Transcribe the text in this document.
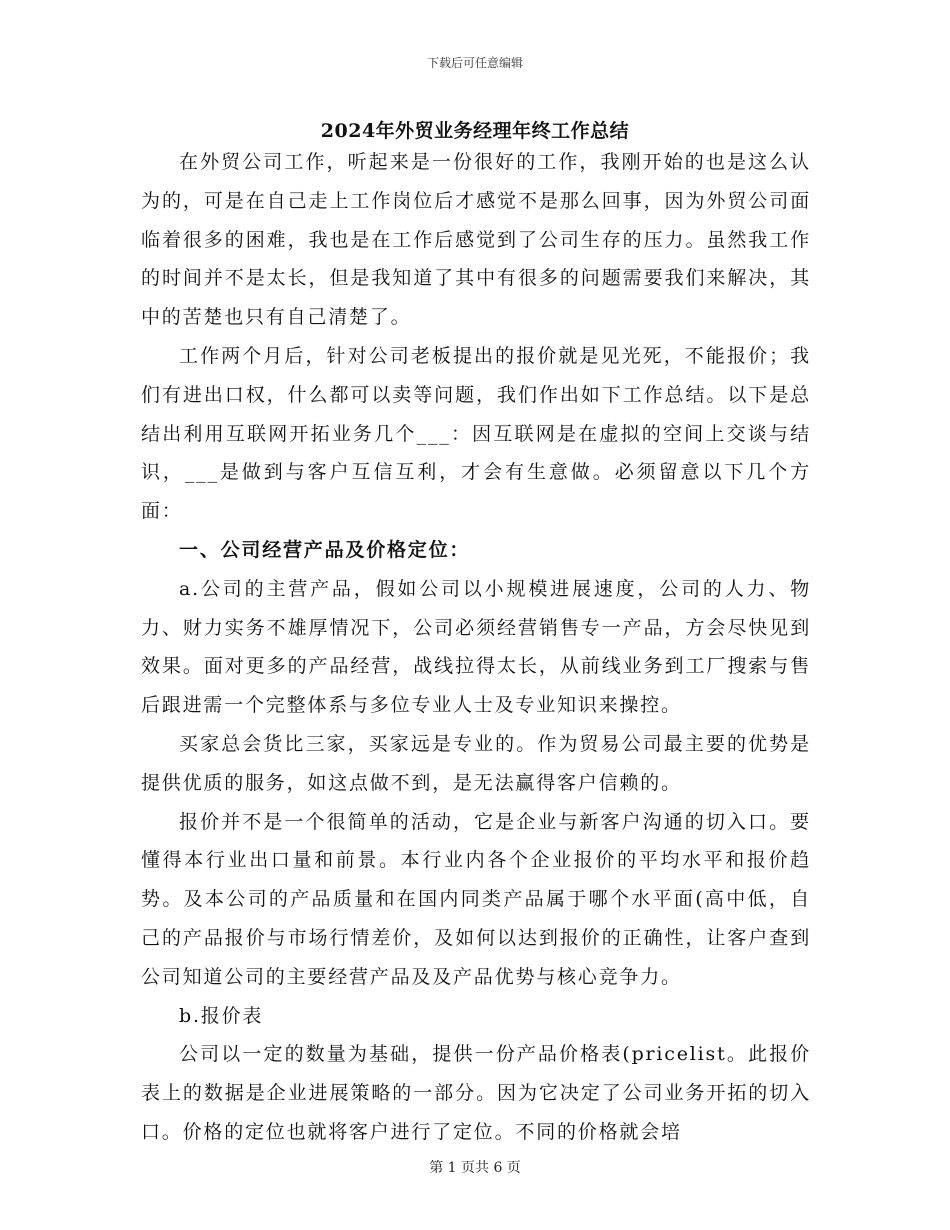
下载后可任意编辑
2024年外贸业务经理年终工作总结

在外贸公司工作，听起来是一份很好的工作，我刚开始的也是这么认为的，可是在自己走上工作岗位后才感觉不是那么回事，因为外贸公司面临着很多的困难，我也是在工作后感觉到了公司生存的压力。虽然我工作的时间并不是太长，但是我知道了其中有很多的问题需要我们来解决，其中的苦楚也只有自己清楚了。

工作两个月后，针对公司老板提出的报价就是见光死，不能报价；我们有进出口权，什么都可以卖等问题，我们作出如下工作总结。以下是总结出利用互联网开拓业务几个___：因互联网是在虚拟的空间上交谈与结识，___是做到与客户互信互利，才会有生意做。必须留意以下几个方面：

一、公司经营产品及价格定位：

a.公司的主营产品，假如公司以小规模进展速度，公司的人力、物力、财力实务不雄厚情况下，公司必须经营销售专一产品，方会尽快见到效果。面对更多的产品经营，战线拉得太长，从前线业务到工厂搜索与售后跟进需一个完整体系与多位专业人士及专业知识来操控。

买家总会货比三家，买家远是专业的。作为贸易公司最主要的优势是提供优质的服务，如这点做不到，是无法赢得客户信赖的。

报价并不是一个很简单的活动，它是企业与新客户沟通的切入口。要懂得本行业出口量和前景。本行业内各个企业报价的平均水平和报价趋势。及本公司的产品质量和在国内同类产品属于哪个水平面(高中低，自己的产品报价与市场行情差价，及如何以达到报价的正确性，让客户查到公司知道公司的主要经营产品及及产品优势与核心竞争力。

b.报价表

公司以一定的数量为基础，提供一份产品价格表(pricelist。此报价表上的数据是企业进展策略的一部分。因为它决定了公司业务开拓的切入口。价格的定位也就将客户进行了定位。不同的价格就会培

第 1 页共 6 页
